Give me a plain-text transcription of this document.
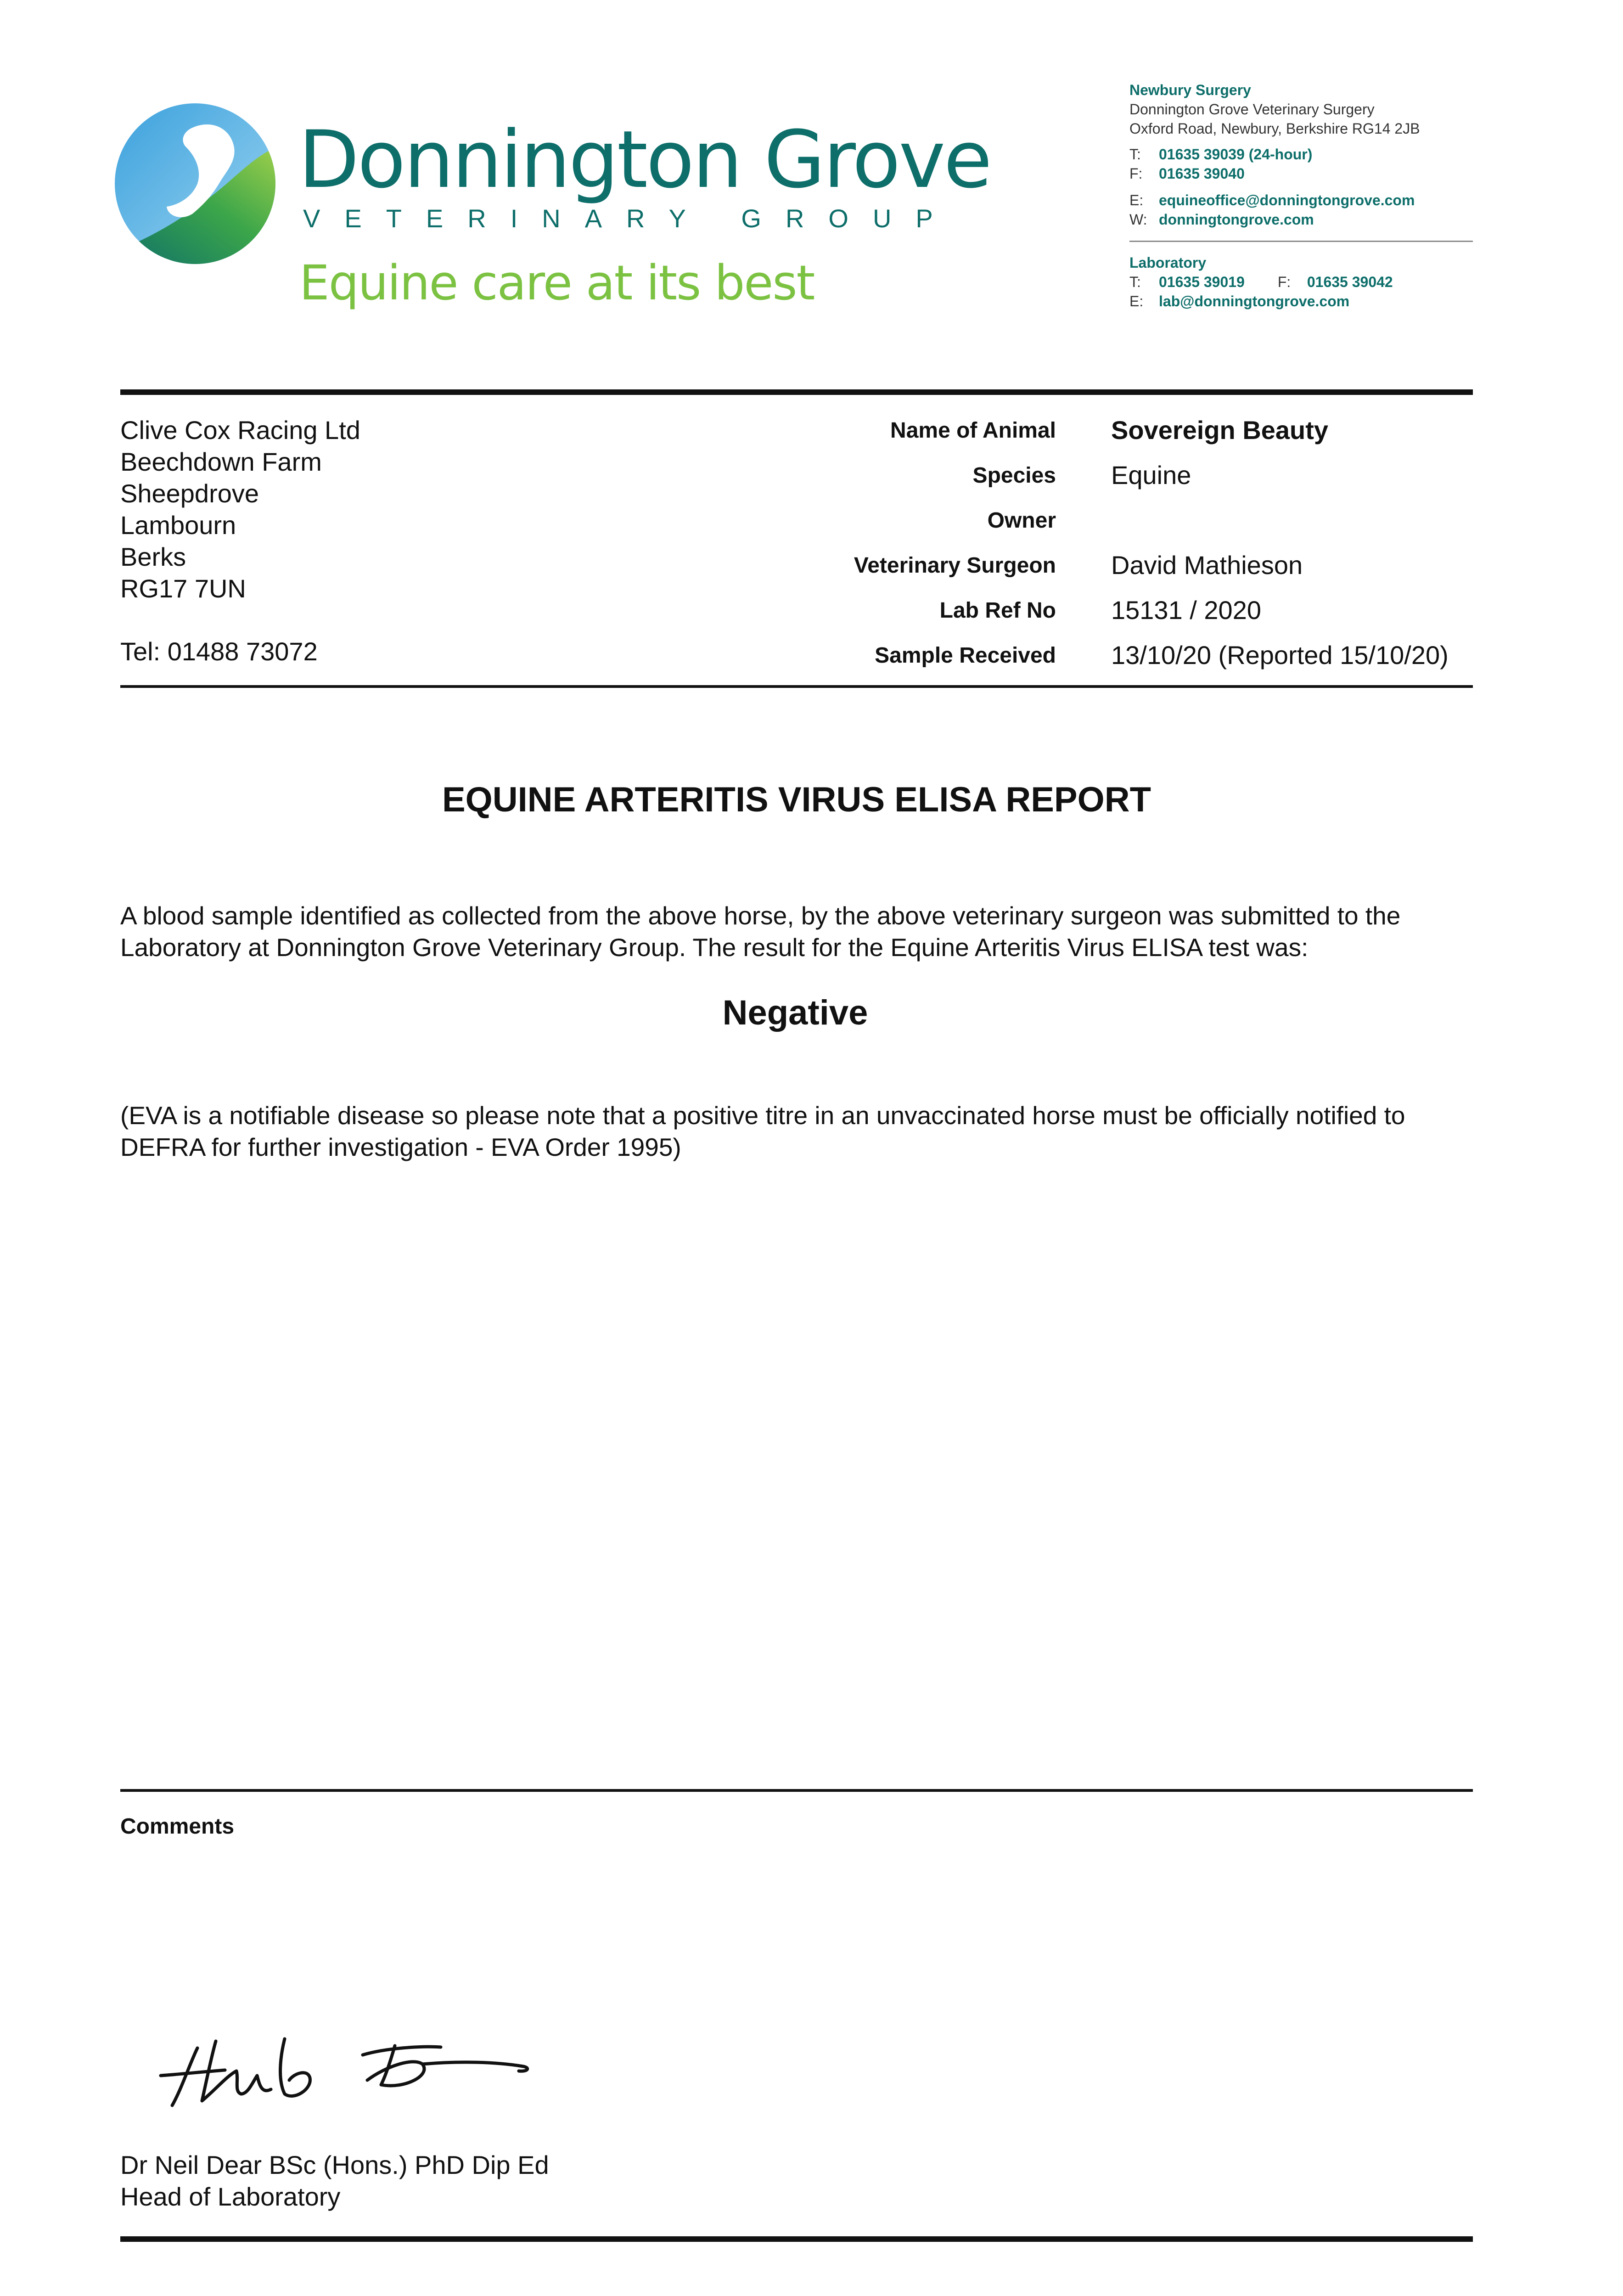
Donnington Grove
VETERINARY GROUP
Equine care at its best
Newbury Surgery
Donnington Grove Veterinary Surgery
Oxford Road, Newbury, Berkshire RG14 2JB
T: 01635 39039 (24-hour)
F: 01635 39040
E: equineoffice@donningtongrove.com
W: donningtongrove.com
Laboratory
T: 01635 39019 F: 01635 39042
E: lab@donningtongrove.com
Clive Cox Racing Ltd
Beechdown Farm
Sheepdrove
Lambourn
Berks
RG17 7UN
Tel: 01488 73072
Name of Animal Sovereign Beauty
Species Equine
Owner
Veterinary Surgeon David Mathieson
Lab Ref No 15131 / 2020
Sample Received 13/10/20 (Reported 15/10/20)
EQUINE ARTERITIS VIRUS ELISA REPORT
A blood sample identified as collected from the above horse, by the above veterinary surgeon was submitted to the Laboratory at Donnington Grove Veterinary Group. The result for the Equine Arteritis Virus ELISA test was:
Negative
(EVA is a notifiable disease so please note that a positive titre in an unvaccinated horse must be officially notified to DEFRA for further investigation - EVA Order 1995)
Comments
Dr Neil Dear BSc (Hons.) PhD Dip Ed
Head of Laboratory
